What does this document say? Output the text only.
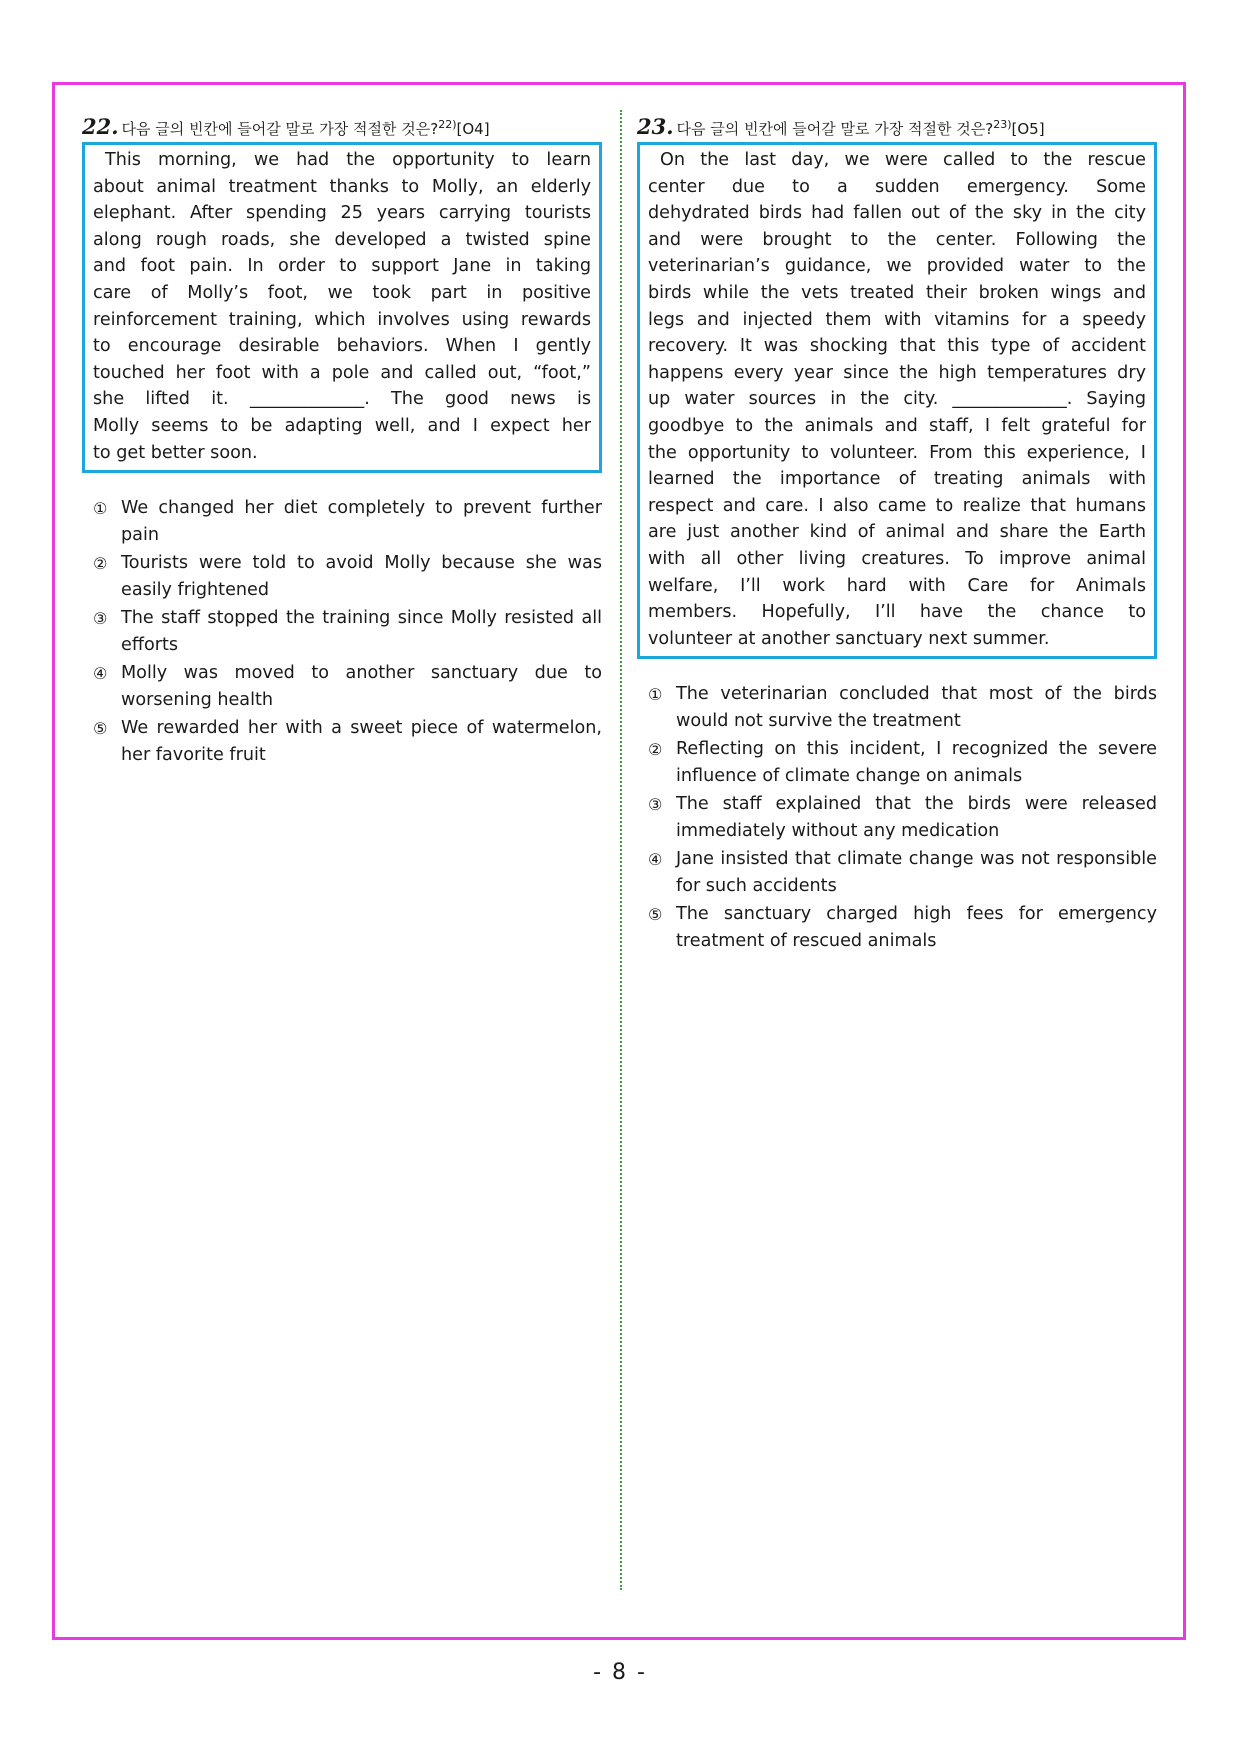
22. 다음 글의 빈칸에 들어갈 말로 가장 적절한 것은?$^{22)}$[O4]
This morning, we had the opportunity to learn
about animal treatment thanks to Molly, an elderly
elephant. After spending 25 years carrying tourists
along rough roads, she developed a twisted spine
and foot pain. In order to support Jane in taking
care of Molly’s foot, we took part in positive
reinforcement training, which involves using rewards
to encourage desirable behaviors. When I gently
touched her foot with a pole and called out, “foot,”
she lifted it. _____________. The good news is
Molly seems to be adapting well, and I expect her
to get better soon.
① We changed her diet completely to prevent further pain
② Tourists were told to avoid Molly because she was easily frightened
③ The staff stopped the training since Molly resisted all efforts
④ Molly was moved to another sanctuary due to worsening health
⑤ We rewarded her with a sweet piece of watermelon, her favorite fruit
23. 다음 글의 빈칸에 들어갈 말로 가장 적절한 것은?$^{23)}$[O5]
On the last day, we were called to the rescue
center due to a sudden emergency. Some
dehydrated birds had fallen out of the sky in the city
and were brought to the center. Following the
veterinarian’s guidance, we provided water to the
birds while the vets treated their broken wings and
legs and injected them with vitamins for a speedy
recovery. It was shocking that this type of accident
happens every year since the high temperatures dry
up water sources in the city. _____________. Saying
goodbye to the animals and staff, I felt grateful for
the opportunity to volunteer. From this experience, I
learned the importance of treating animals with
respect and care. I also came to realize that humans
are just another kind of animal and share the Earth
with all other living creatures. To improve animal
welfare, I’ll work hard with Care for Animals
members. Hopefully, I’ll have the chance to
volunteer at another sanctuary next summer.
① The veterinarian concluded that most of the birds would not survive the treatment
② Reflecting on this incident, I recognized the severe influence of climate change on animals
③ The staff explained that the birds were released immediately without any medication
④ Jane insisted that climate change was not responsible for such accidents
⑤ The sanctuary charged high fees for emergency treatment of rescued animals
- 8 -
